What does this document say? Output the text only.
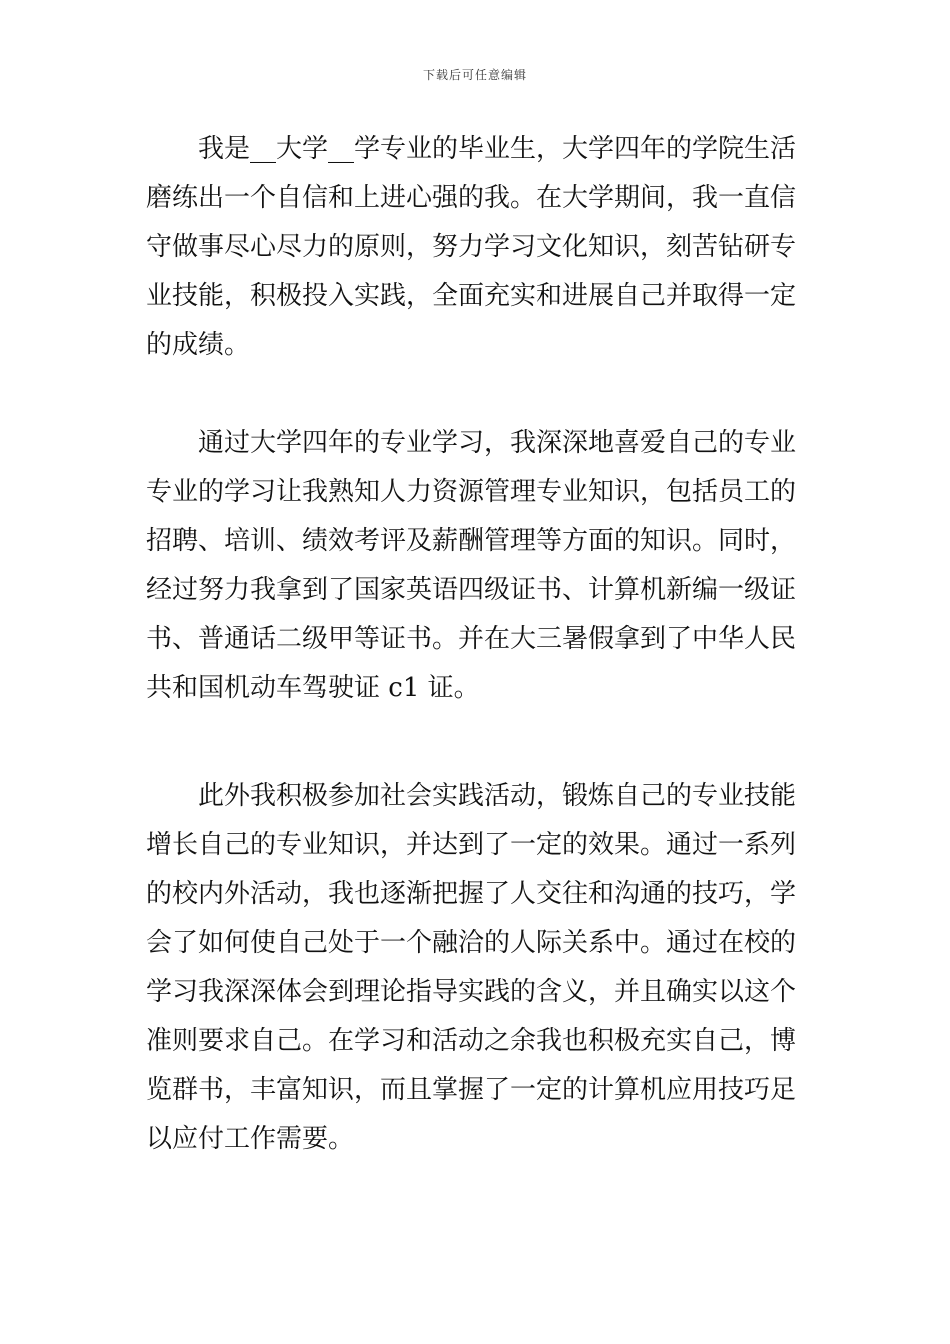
下载后可任意编辑
我是__大学__学专业的毕业生，大学四年的学院生活
磨练出一个自信和上进心强的我。在大学期间，我一直信
守做事尽心尽力的原则，努力学习文化知识，刻苦钻研专
业技能，积极投入实践，全面充实和进展自己并取得一定
的成绩。
通过大学四年的专业学习，我深深地喜爱自己的专业
专业的学习让我熟知人力资源管理专业知识，包括员工的
招聘、培训、绩效考评及薪酬管理等方面的知识。同时，
经过努力我拿到了国家英语四级证书、计算机新编一级证
书、普通话二级甲等证书。并在大三暑假拿到了中华人民
共和国机动车驾驶证 c1 证。
此外我积极参加社会实践活动，锻炼自己的专业技能
增长自己的专业知识，并达到了一定的效果。通过一系列
的校内外活动，我也逐渐把握了人交往和沟通的技巧，学
会了如何使自己处于一个融洽的人际关系中。通过在校的
学习我深深体会到理论指导实践的含义，并且确实以这个
准则要求自己。在学习和活动之余我也积极充实自己，博
览群书，丰富知识，而且掌握了一定的计算机应用技巧足
以应付工作需要。
